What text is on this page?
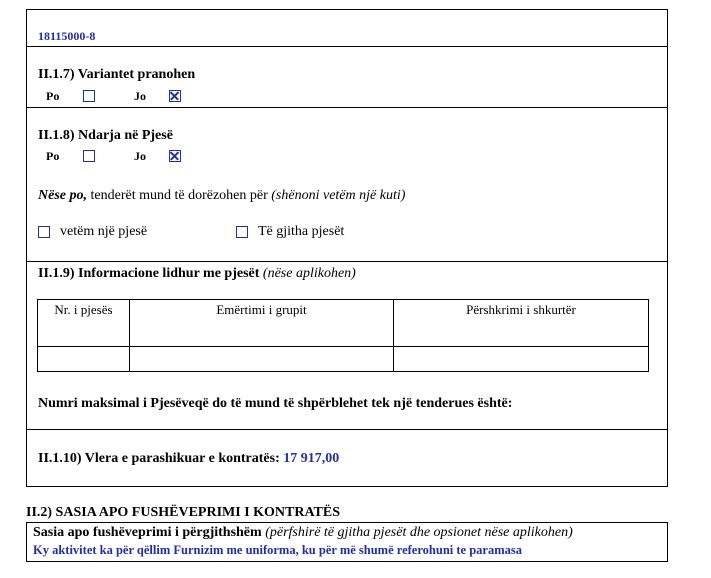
18115000-8
II.1.7) Variantet pranohen
Po	Jo
II.1.8) Ndarja në Pjesë
Po	Jo
Nëse po, tenderët mund të dorëzohen për (shënoni vetëm një kuti)
vetëm një pjesë	Të gjitha pjesët
II.1.9) Informacione lidhur me pjesët (nëse aplikohen)
Nr. i pjesës	Emërtimi i grupit	Përshkrimi i shkurtër

Numri maksimal i Pjesëveqë do të mund të shpërblehet tek një tenderues është:
II.1.10) Vlera e parashikuar e kontratës: 17 917,00
II.2) SASIA APO FUSHËVEPRIMI I KONTRATËS
Sasia apo fushëveprimi i përgjithshëm (përfshirë të gjitha pjesët dhe opsionet nëse aplikohen)
Ky aktivitet ka për qëllim Furnizim me uniforma, ku për më shumë referohuni te paramasa
